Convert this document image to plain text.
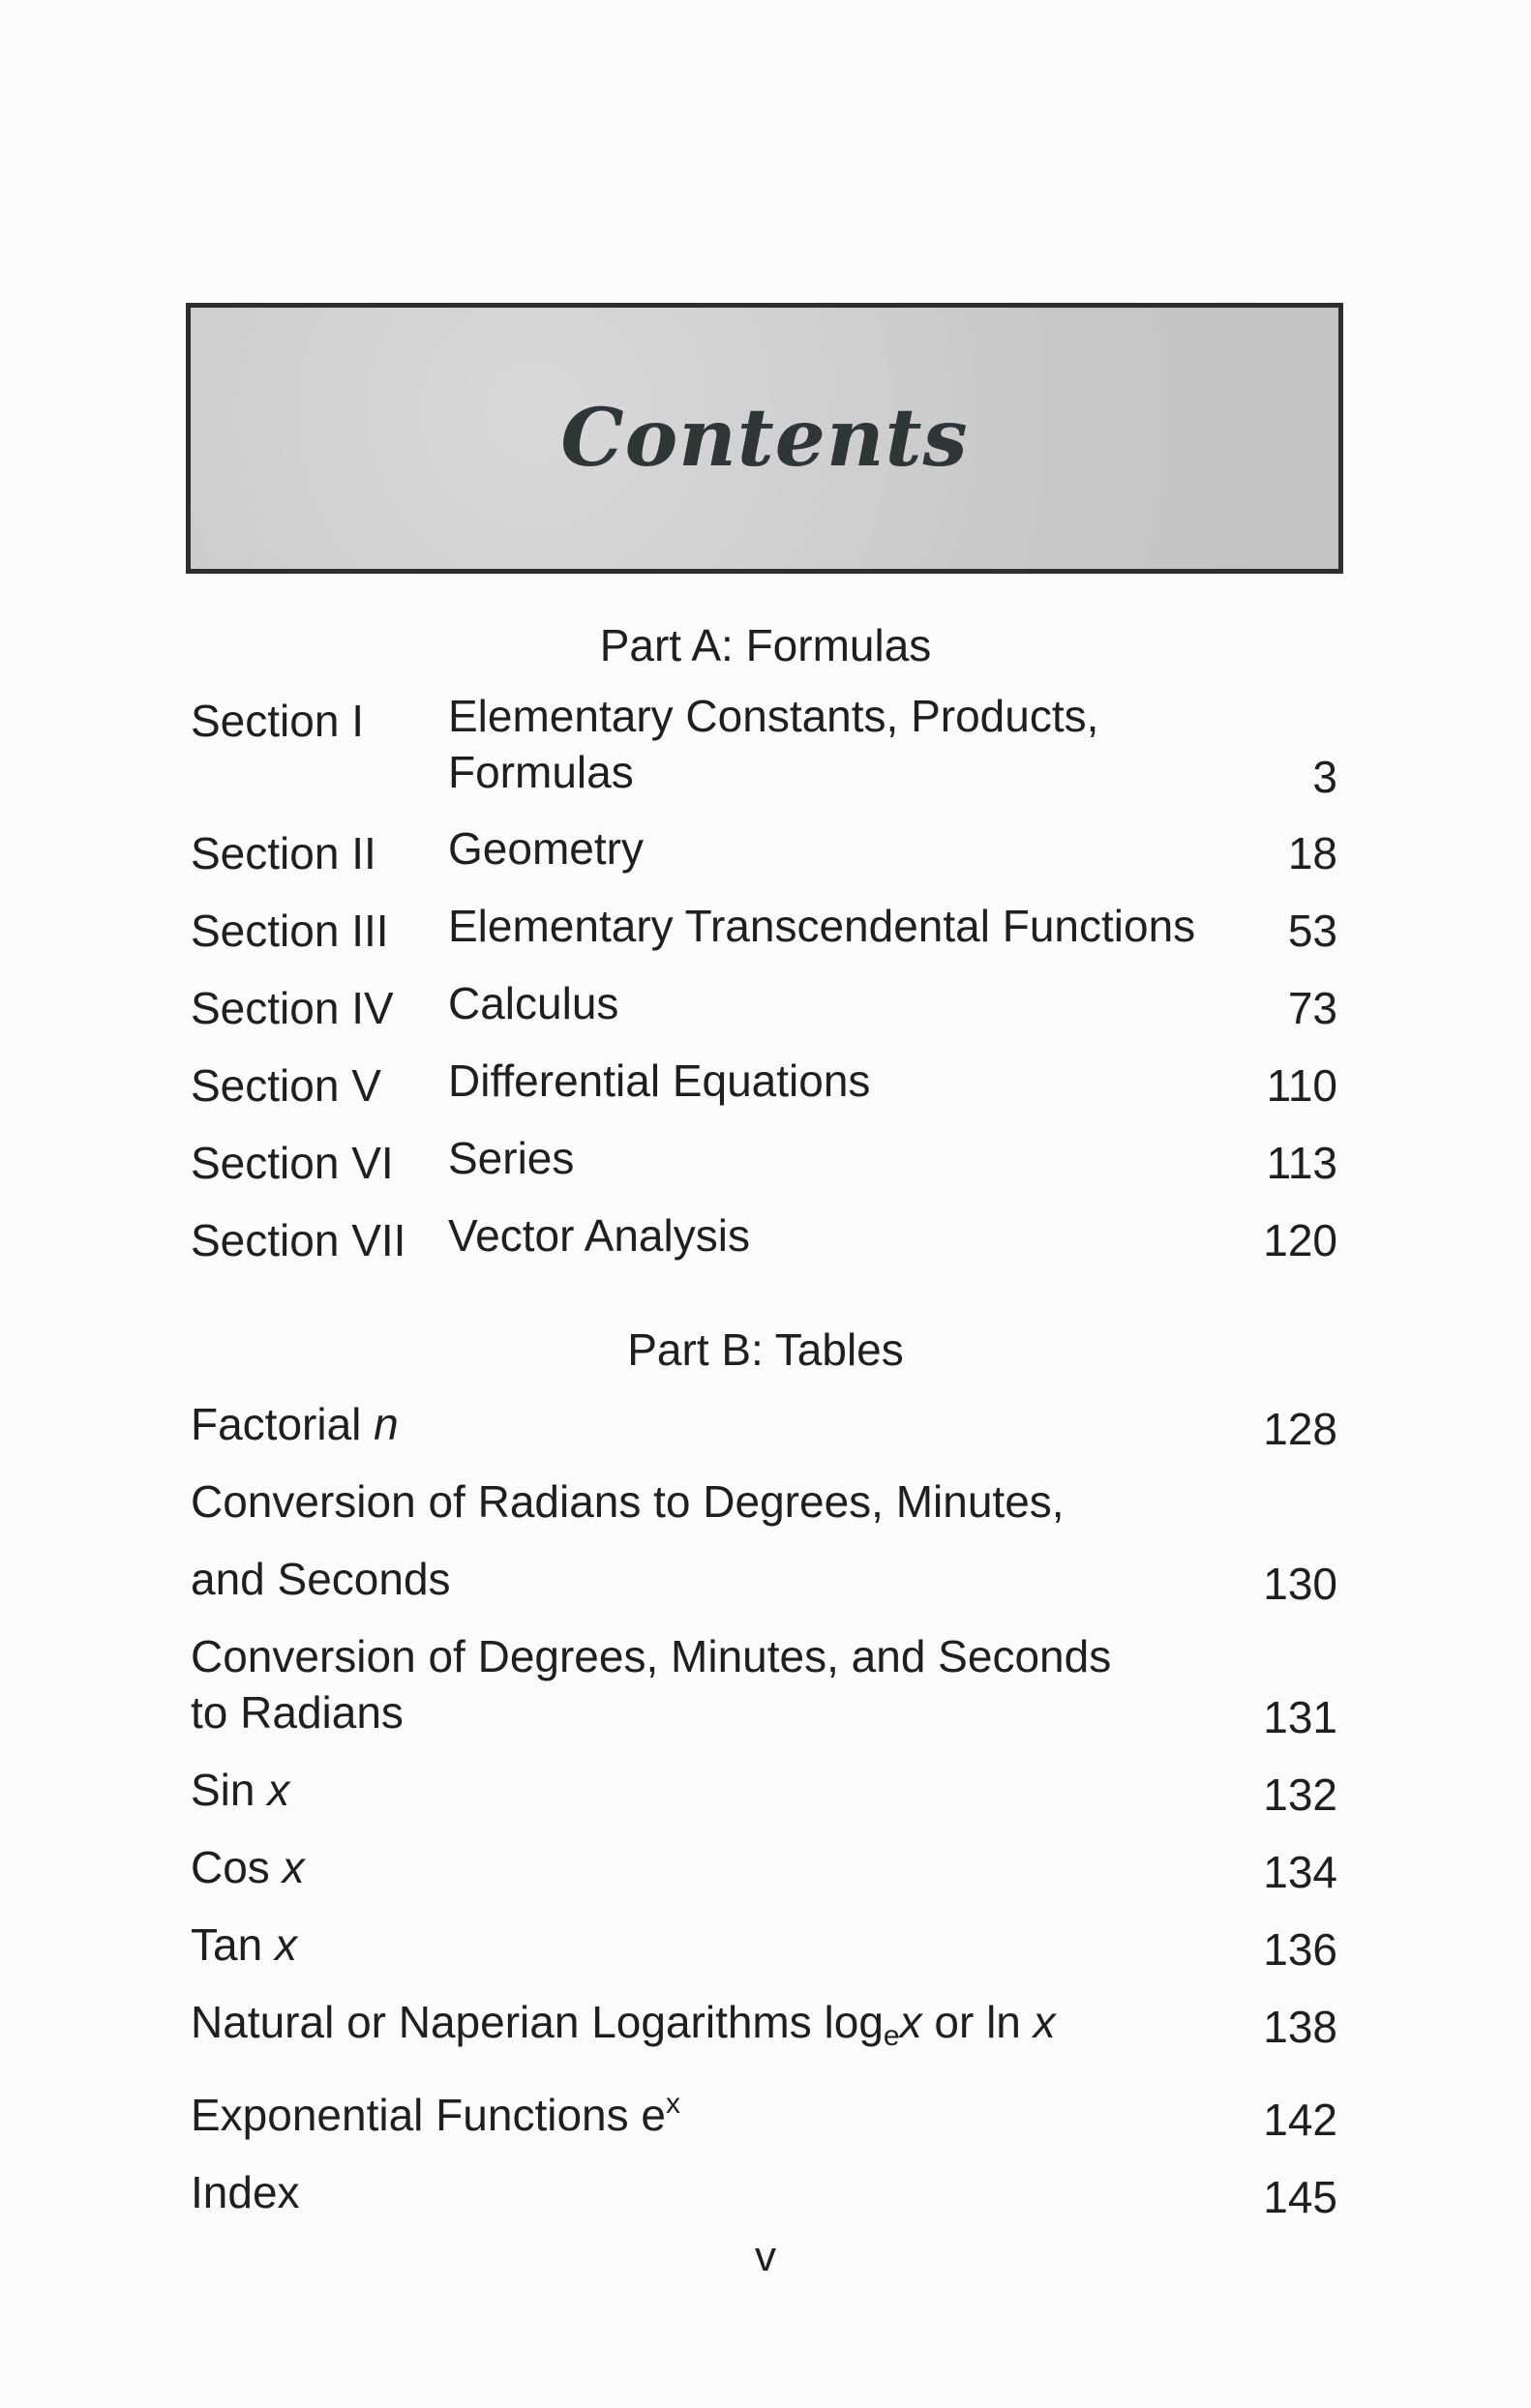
Contents
Part A: Formulas
Section I Elementary Constants, Products,
Formulas	3
Section II Geometry	18
Section III Elementary Transcendental Functions 53
Section IV Calculus	73
Section V Differential Equations	110
Section VI Series	113
Section VII Vector Analysis	120
Part B: Tables
Factorial n	128
Conversion of Radians to Degrees, Minutes,
and Seconds	130
Conversion of Degrees, Minutes, and Seconds
to Radians	131
Sin x	132
Cos x	134
Tan x	136
Natural or Naperian Logarithms $\log_ex$ or ln x	138
Exponential Functions $e^x$	142
Index	145
v
